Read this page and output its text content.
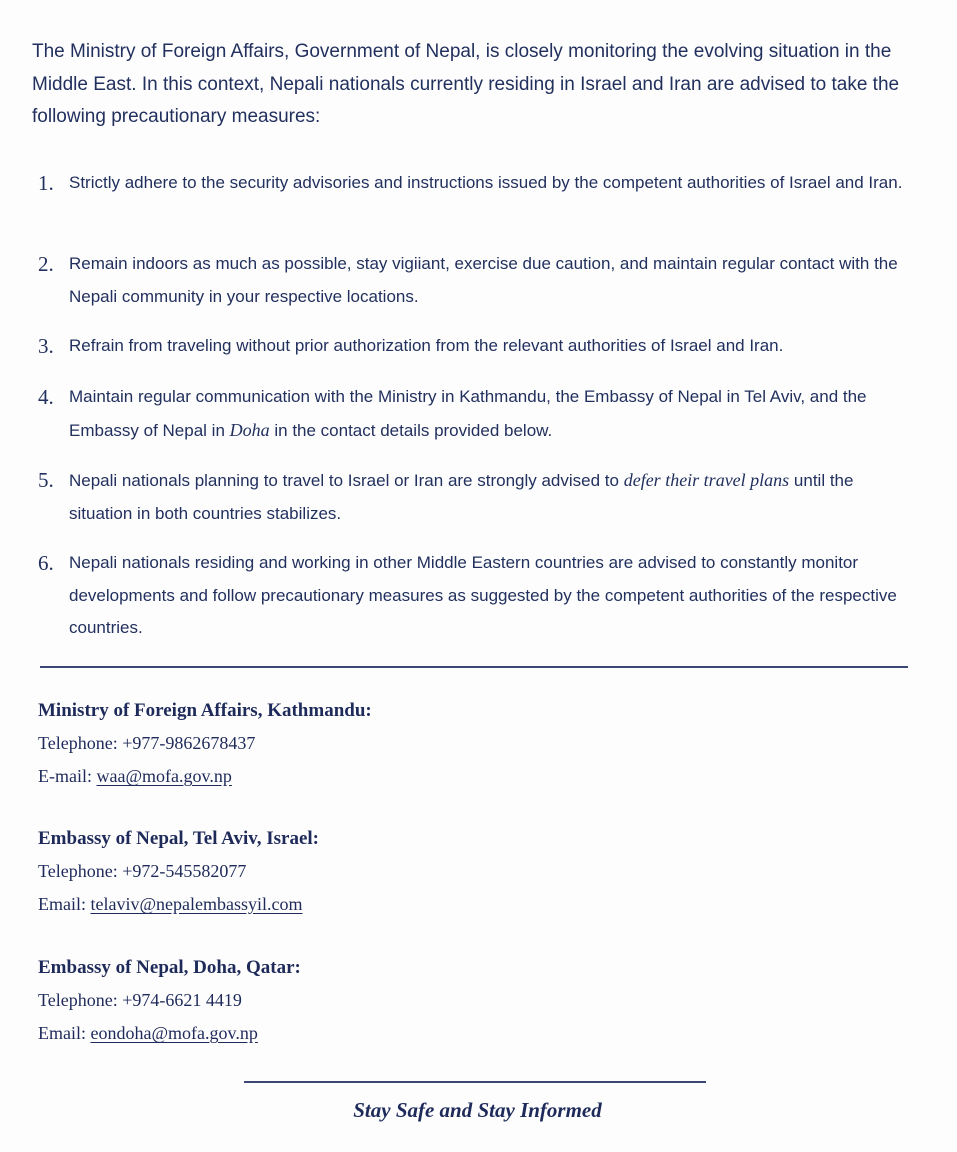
The Ministry of Foreign Affairs, Government of Nepal, is closely monitoring the evolving situation in the Middle East. In this context, Nepali nationals currently residing in Israel and Iran are advised to take the following precautionary measures:

1. Strictly adhere to the security advisories and instructions issued by the competent authorities of Israel and Iran.
2. Remain indoors as much as possible, stay vigiiant, exercise due caution, and maintain regular contact with the Nepali community in your respective locations.
3. Refrain from traveling without prior authorization from the relevant authorities of Israel and Iran.
4. Maintain regular communication with the Ministry in Kathmandu, the Embassy of Nepal in Tel Aviv, and the Embassy of Nepal in Doha in the contact details provided below.
5. Nepali nationals planning to travel to Israel or Iran are strongly advised to defer their travel plans until the situation in both countries stabilizes.
6. Nepali nationals residing and working in other Middle Eastern countries are advised to constantly monitor developments and follow precautionary measures as suggested by the competent authorities of the respective countries.
Ministry of Foreign Affairs, Kathmandu:
Telephone: +977-9862678437
E-mail: waa@mofa.gov.np
Embassy of Nepal, Tel Aviv, Israel:
Telephone: +972-545582077
Email: telaviv@nepalembassyil.com
Embassy of Nepal, Doha, Qatar:
Telephone: +974-6621 4419
Email: eondoha@mofa.gov.np
Stay Safe and Stay Informed
